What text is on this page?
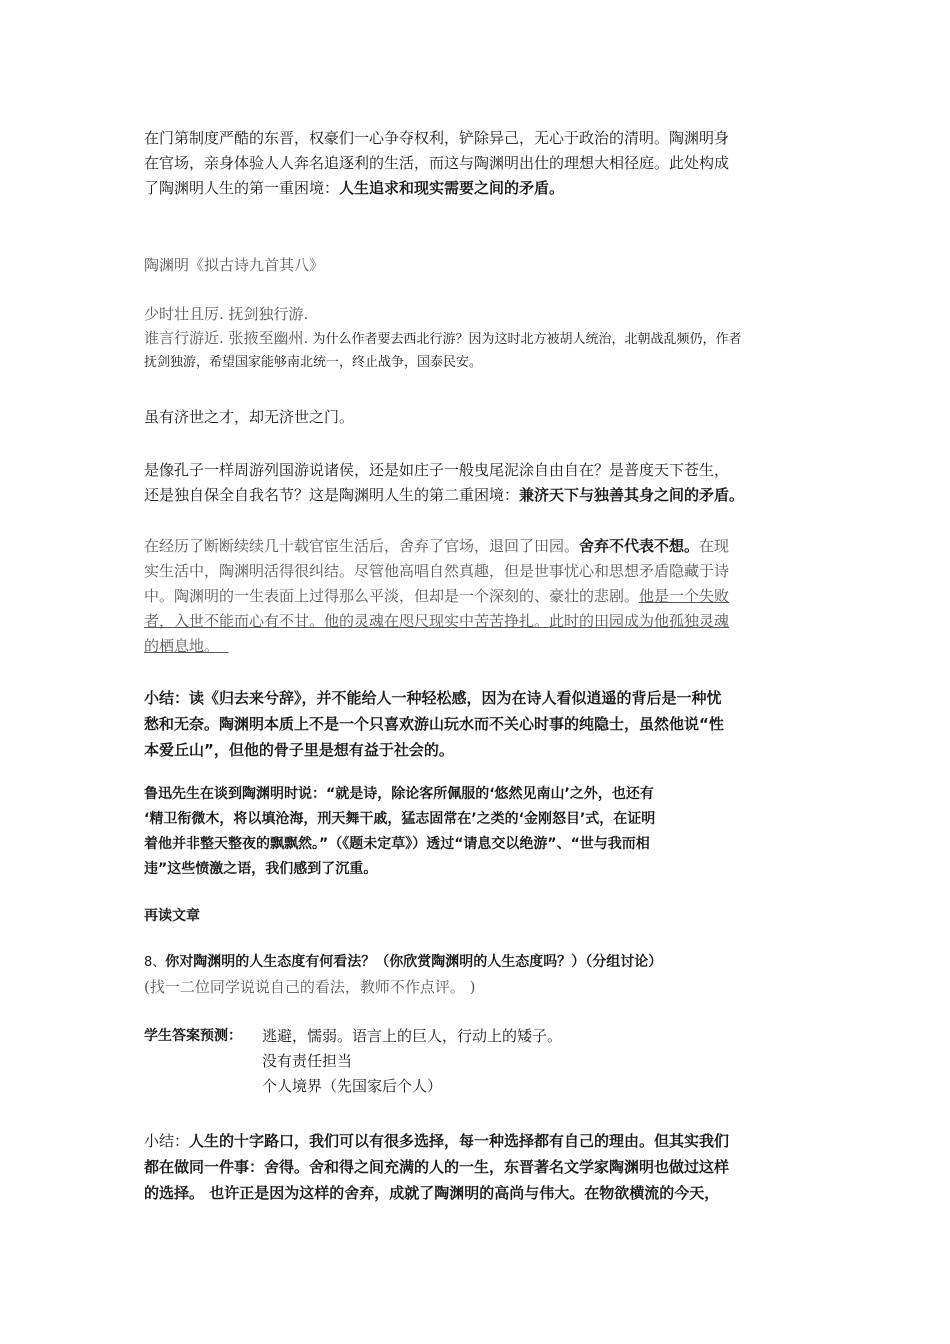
在门第制度严酷的东晋，权豪们一心争夺权利，铲除异己，无心于政治的清明。陶渊明身
在官场，亲身体验人人奔名追逐利的生活，而这与陶渊明出仕的理想大相径庭。此处构成
了陶渊明人生的第一重困境：人生追求和现实需要之间的矛盾。
陶渊明《拟古诗九首其八》
少时壮且厉. 抚剑独行游.
谁言行游近. 张掖至幽州. 为什么作者要去西北行游？因为这时北方被胡人统治，北朝战乱频仍，作者
抚剑独游，希望国家能够南北统一，终止战争，国泰民安。
虽有济世之才，却无济世之门。
是像孔子一样周游列国游说诸侯，还是如庄子一般曳尾泥涂自由自在？是普度天下苍生，
还是独自保全自我名节？这是陶渊明人生的第二重困境：兼济天下与独善其身之间的矛盾。
在经历了断断续续几十载官宦生活后，舍弃了官场，退回了田园。舍弃不代表不想。在现
实生活中，陶渊明活得很纠结。尽管他高唱自然真趣，但是世事忧心和思想矛盾隐藏于诗
中。陶渊明的一生表面上过得那么平淡，但却是一个深刻的、豪壮的悲剧。他是一个失败
者，入世不能而心有不甘。他的灵魂在咫尺现实中苦苦挣扎。此时的田园成为他孤独灵魂
的栖息地。
小结：读《归去来兮辞》，并不能给人一种轻松感，因为在诗人看似逍遥的背后是一种忧
愁和无奈。陶渊明本质上不是一个只喜欢游山玩水而不关心时事的纯隐士，虽然他说“性
本爱丘山”，但他的骨子里是想有益于社会的。
鲁迅先生在谈到陶渊明时说：“就是诗，除论客所佩服的‘悠然见南山’之外，也还有
‘精卫衔微木，将以填沧海，刑天舞干戚，猛志固常在’之类的‘金刚怒目’式，在证明
着他并非整天整夜的飘飘然。”（《题未定草》）透过“请息交以绝游”、“世与我而相
违”这些愤激之语，我们感到了沉重。
再读文章
8、你对陶渊明的人生态度有何看法？（你欣赏陶渊明的人生态度吗？）（分组讨论）
(找一二位同学说说自己的看法，教师不作点评。 )
学生答案预测： 逃避，懦弱。语言上的巨人，行动上的矮子。
没有责任担当
个人境界（先国家后个人）
小结：人生的十字路口，我们可以有很多选择，每一种选择都有自己的理由。但其实我们
都在做同一件事：舍得。舍和得之间充满的人的一生，东晋著名文学家陶渊明也做过这样
的选择。 也许正是因为这样的舍弃，成就了陶渊明的高尚与伟大。在物欲横流的今天，
